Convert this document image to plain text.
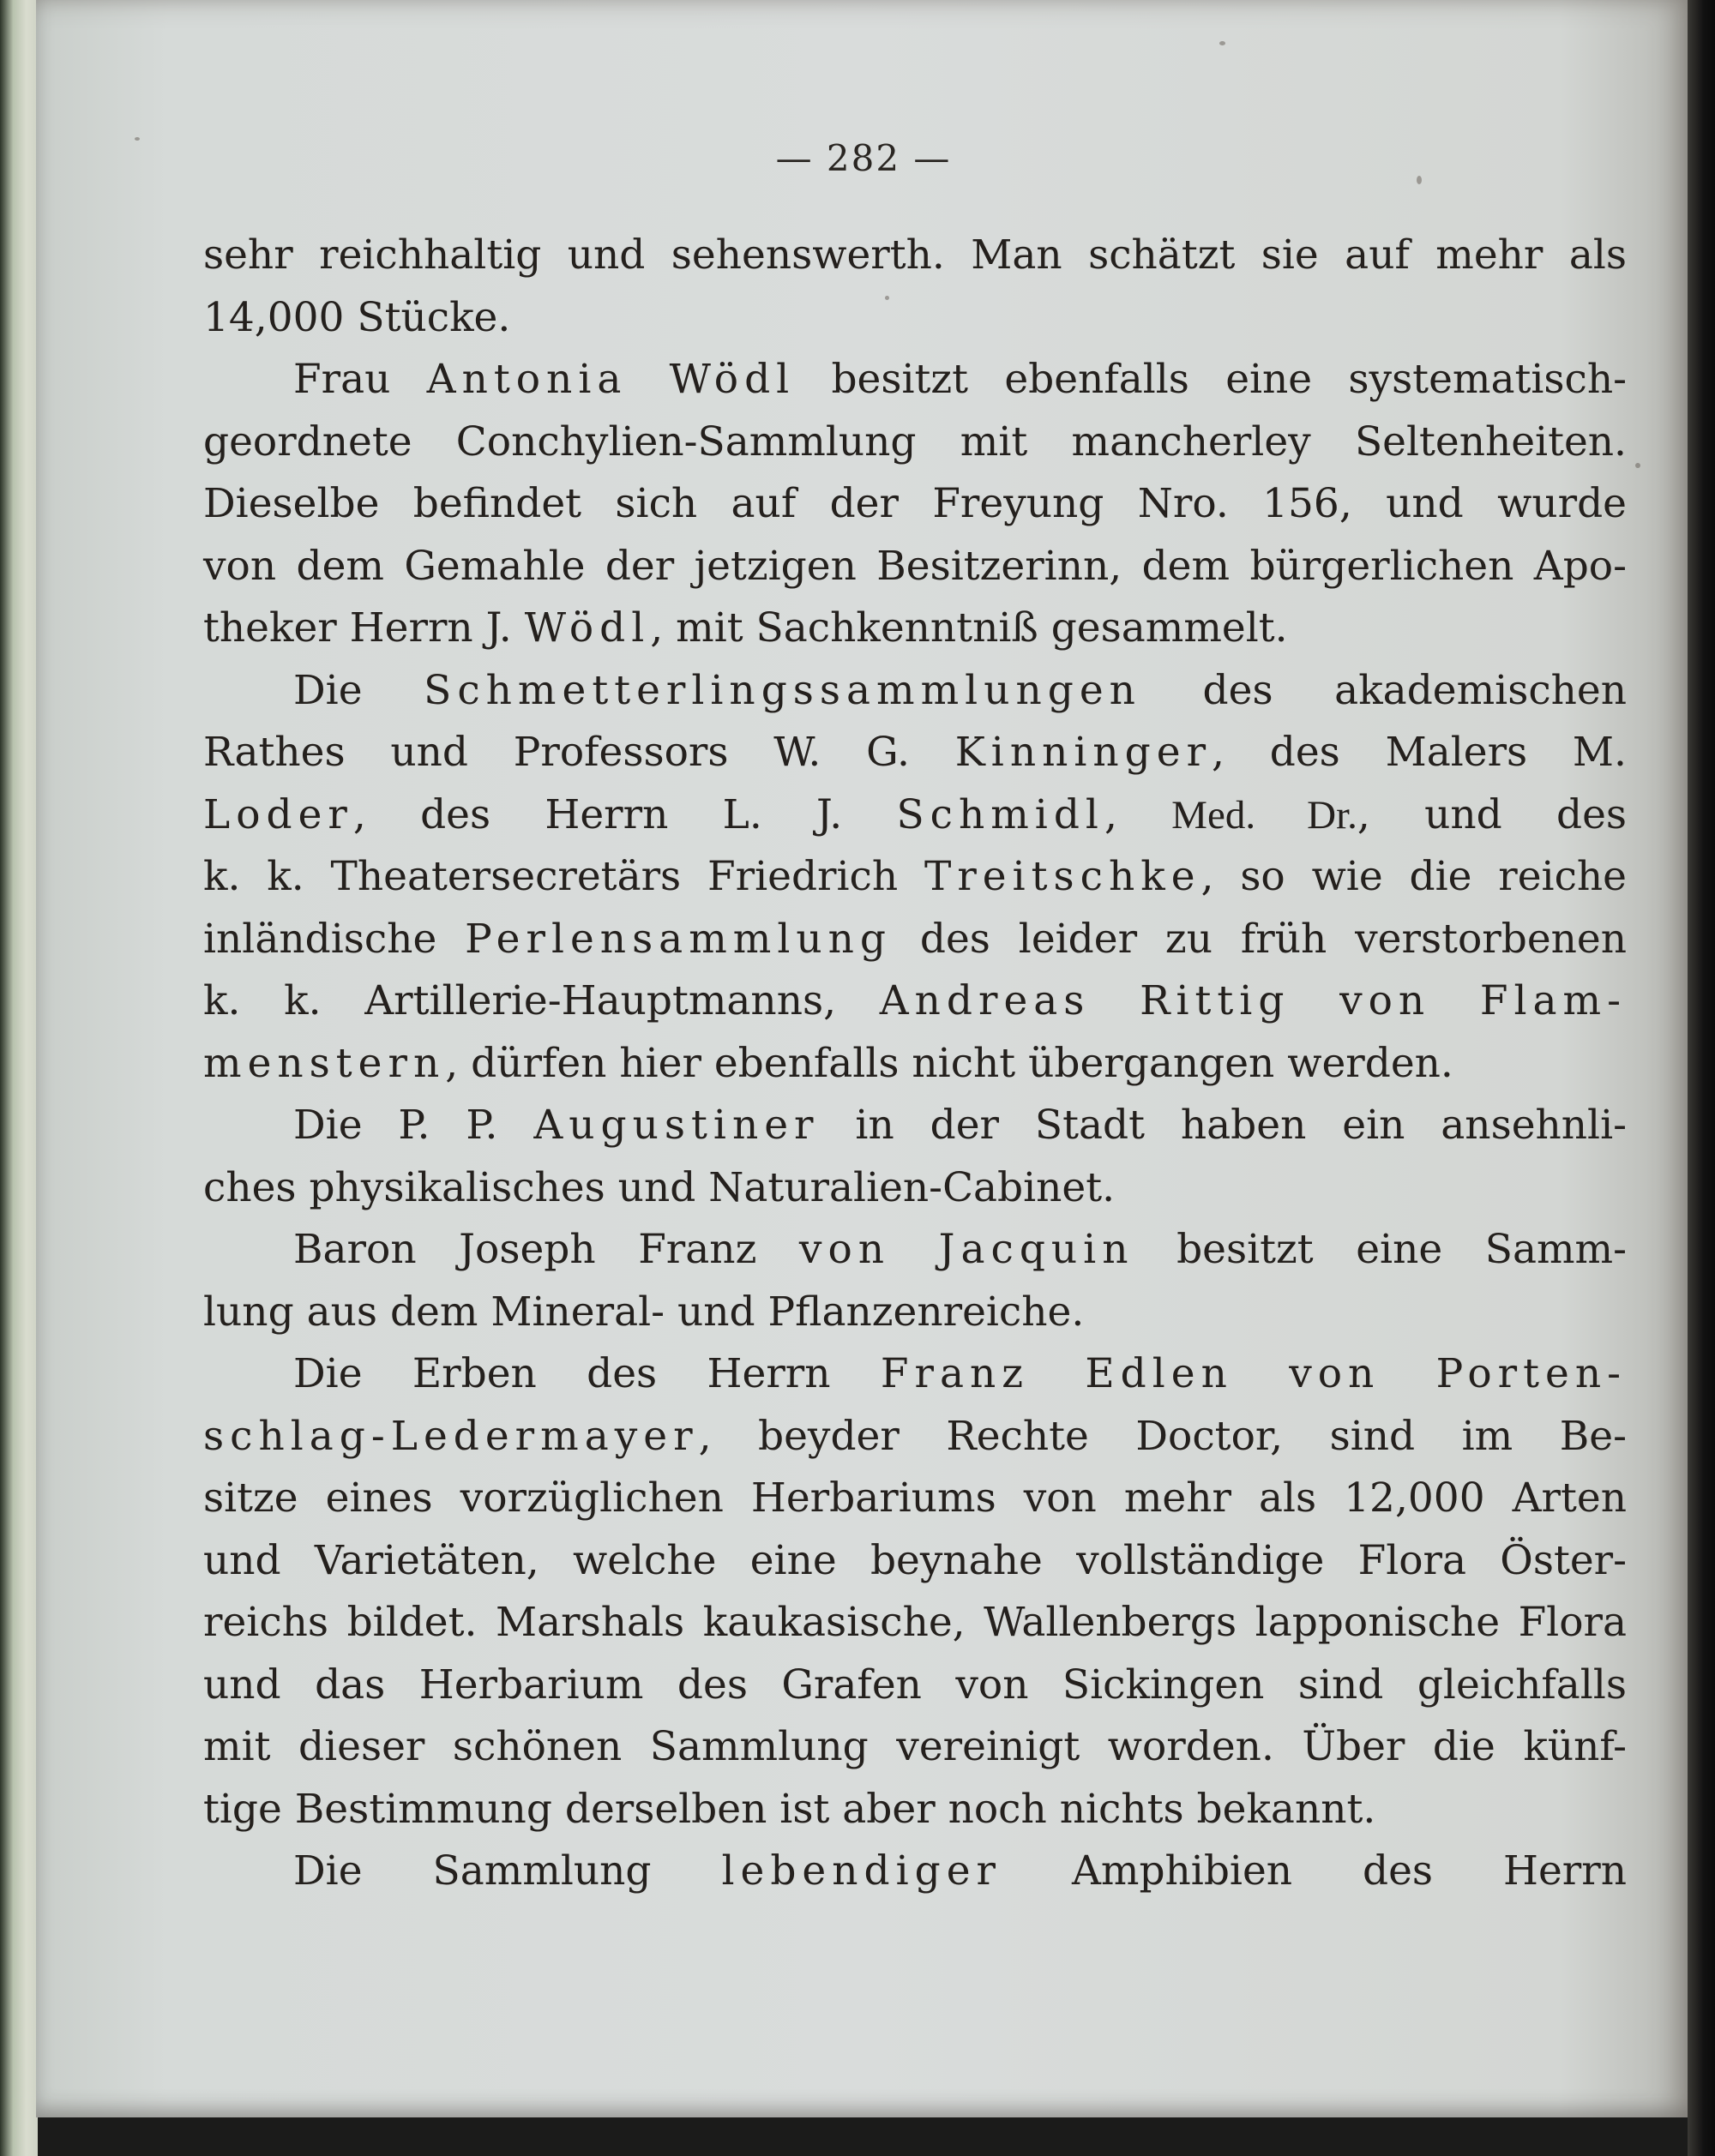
— 282 —
sehr reichhaltig und sehenswerth. Man schätzt sie auf mehr als
14,000 Stücke.
Frau Antonia Wödl besitzt ebenfalls eine systematisch-
geordnete Conchylien-Sammlung mit mancherley Seltenheiten.
Dieselbe befindet sich auf der Freyung Nro. 156, und wurde
von dem Gemahle der jetzigen Besitzerinn, dem bürgerlichen Apo-
theker Herrn J. Wödl, mit Sachkenntniß gesammelt.
Die Schmetterlingssammlungen des akademischen
Rathes und Professors W. G. Kinninger, des Malers M.
Loder, des Herrn L. J. Schmidl, Med. Dr., und des
k. k. Theatersecretärs Friedrich Treitschke, so wie die reiche
inländische Perlensammlung des leider zu früh verstorbenen
k. k. Artillerie-Hauptmanns, Andreas Rittig von Flam-
menstern, dürfen hier ebenfalls nicht übergangen werden.
Die P. P. Augustiner in der Stadt haben ein ansehnli-
ches physikalisches und Naturalien-Cabinet.
Baron Joseph Franz von Jacquin besitzt eine Samm-
lung aus dem Mineral- und Pflanzenreiche.
Die Erben des Herrn Franz Edlen von Porten-
schlag-Ledermayer, beyder Rechte Doctor, sind im Be-
sitze eines vorzüglichen Herbariums von mehr als 12,000 Arten
und Varietäten, welche eine beynahe vollständige Flora Öster-
reichs bildet. Marshals kaukasische, Wallenbergs lapponische Flora
und das Herbarium des Grafen von Sickingen sind gleichfalls
mit dieser schönen Sammlung vereinigt worden. Über die künf-
tige Bestimmung derselben ist aber noch nichts bekannt.
Die Sammlung lebendiger Amphibien des Herrn
